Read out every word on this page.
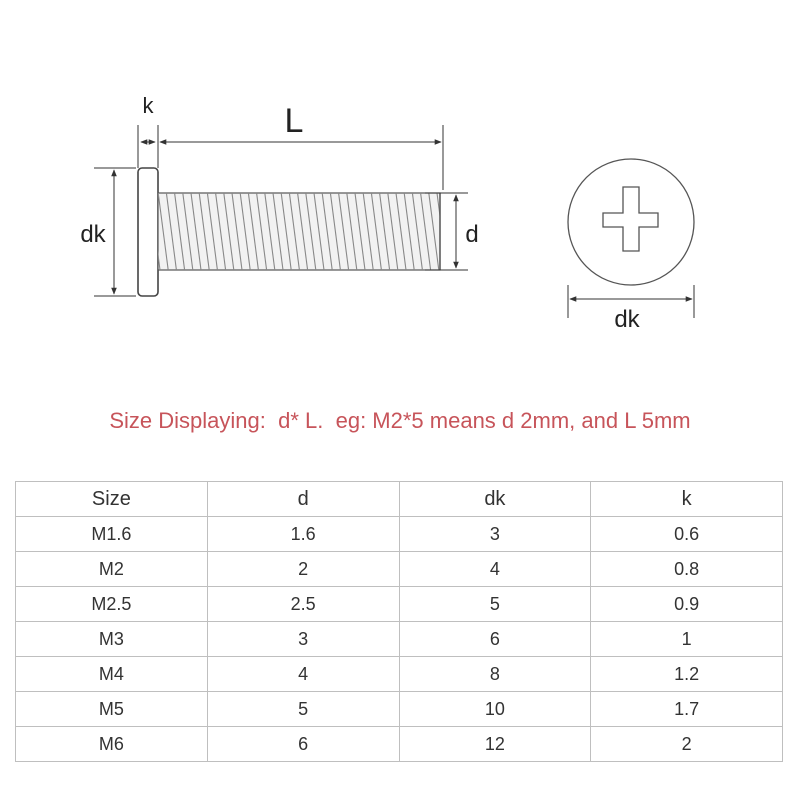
k	L
dk	d
dk
Size Displaying: d* L. eg: M2*5 means d 2mm, and L 5mm
Size	d	dk	k
M1.6	1.6	3	0.6
M2	2	4	0.8
M2.5	2.5	5	0.9
M3	3	6	1
M4	4	8	1.2
M5	5	10	1.7
M6	6	12	2
